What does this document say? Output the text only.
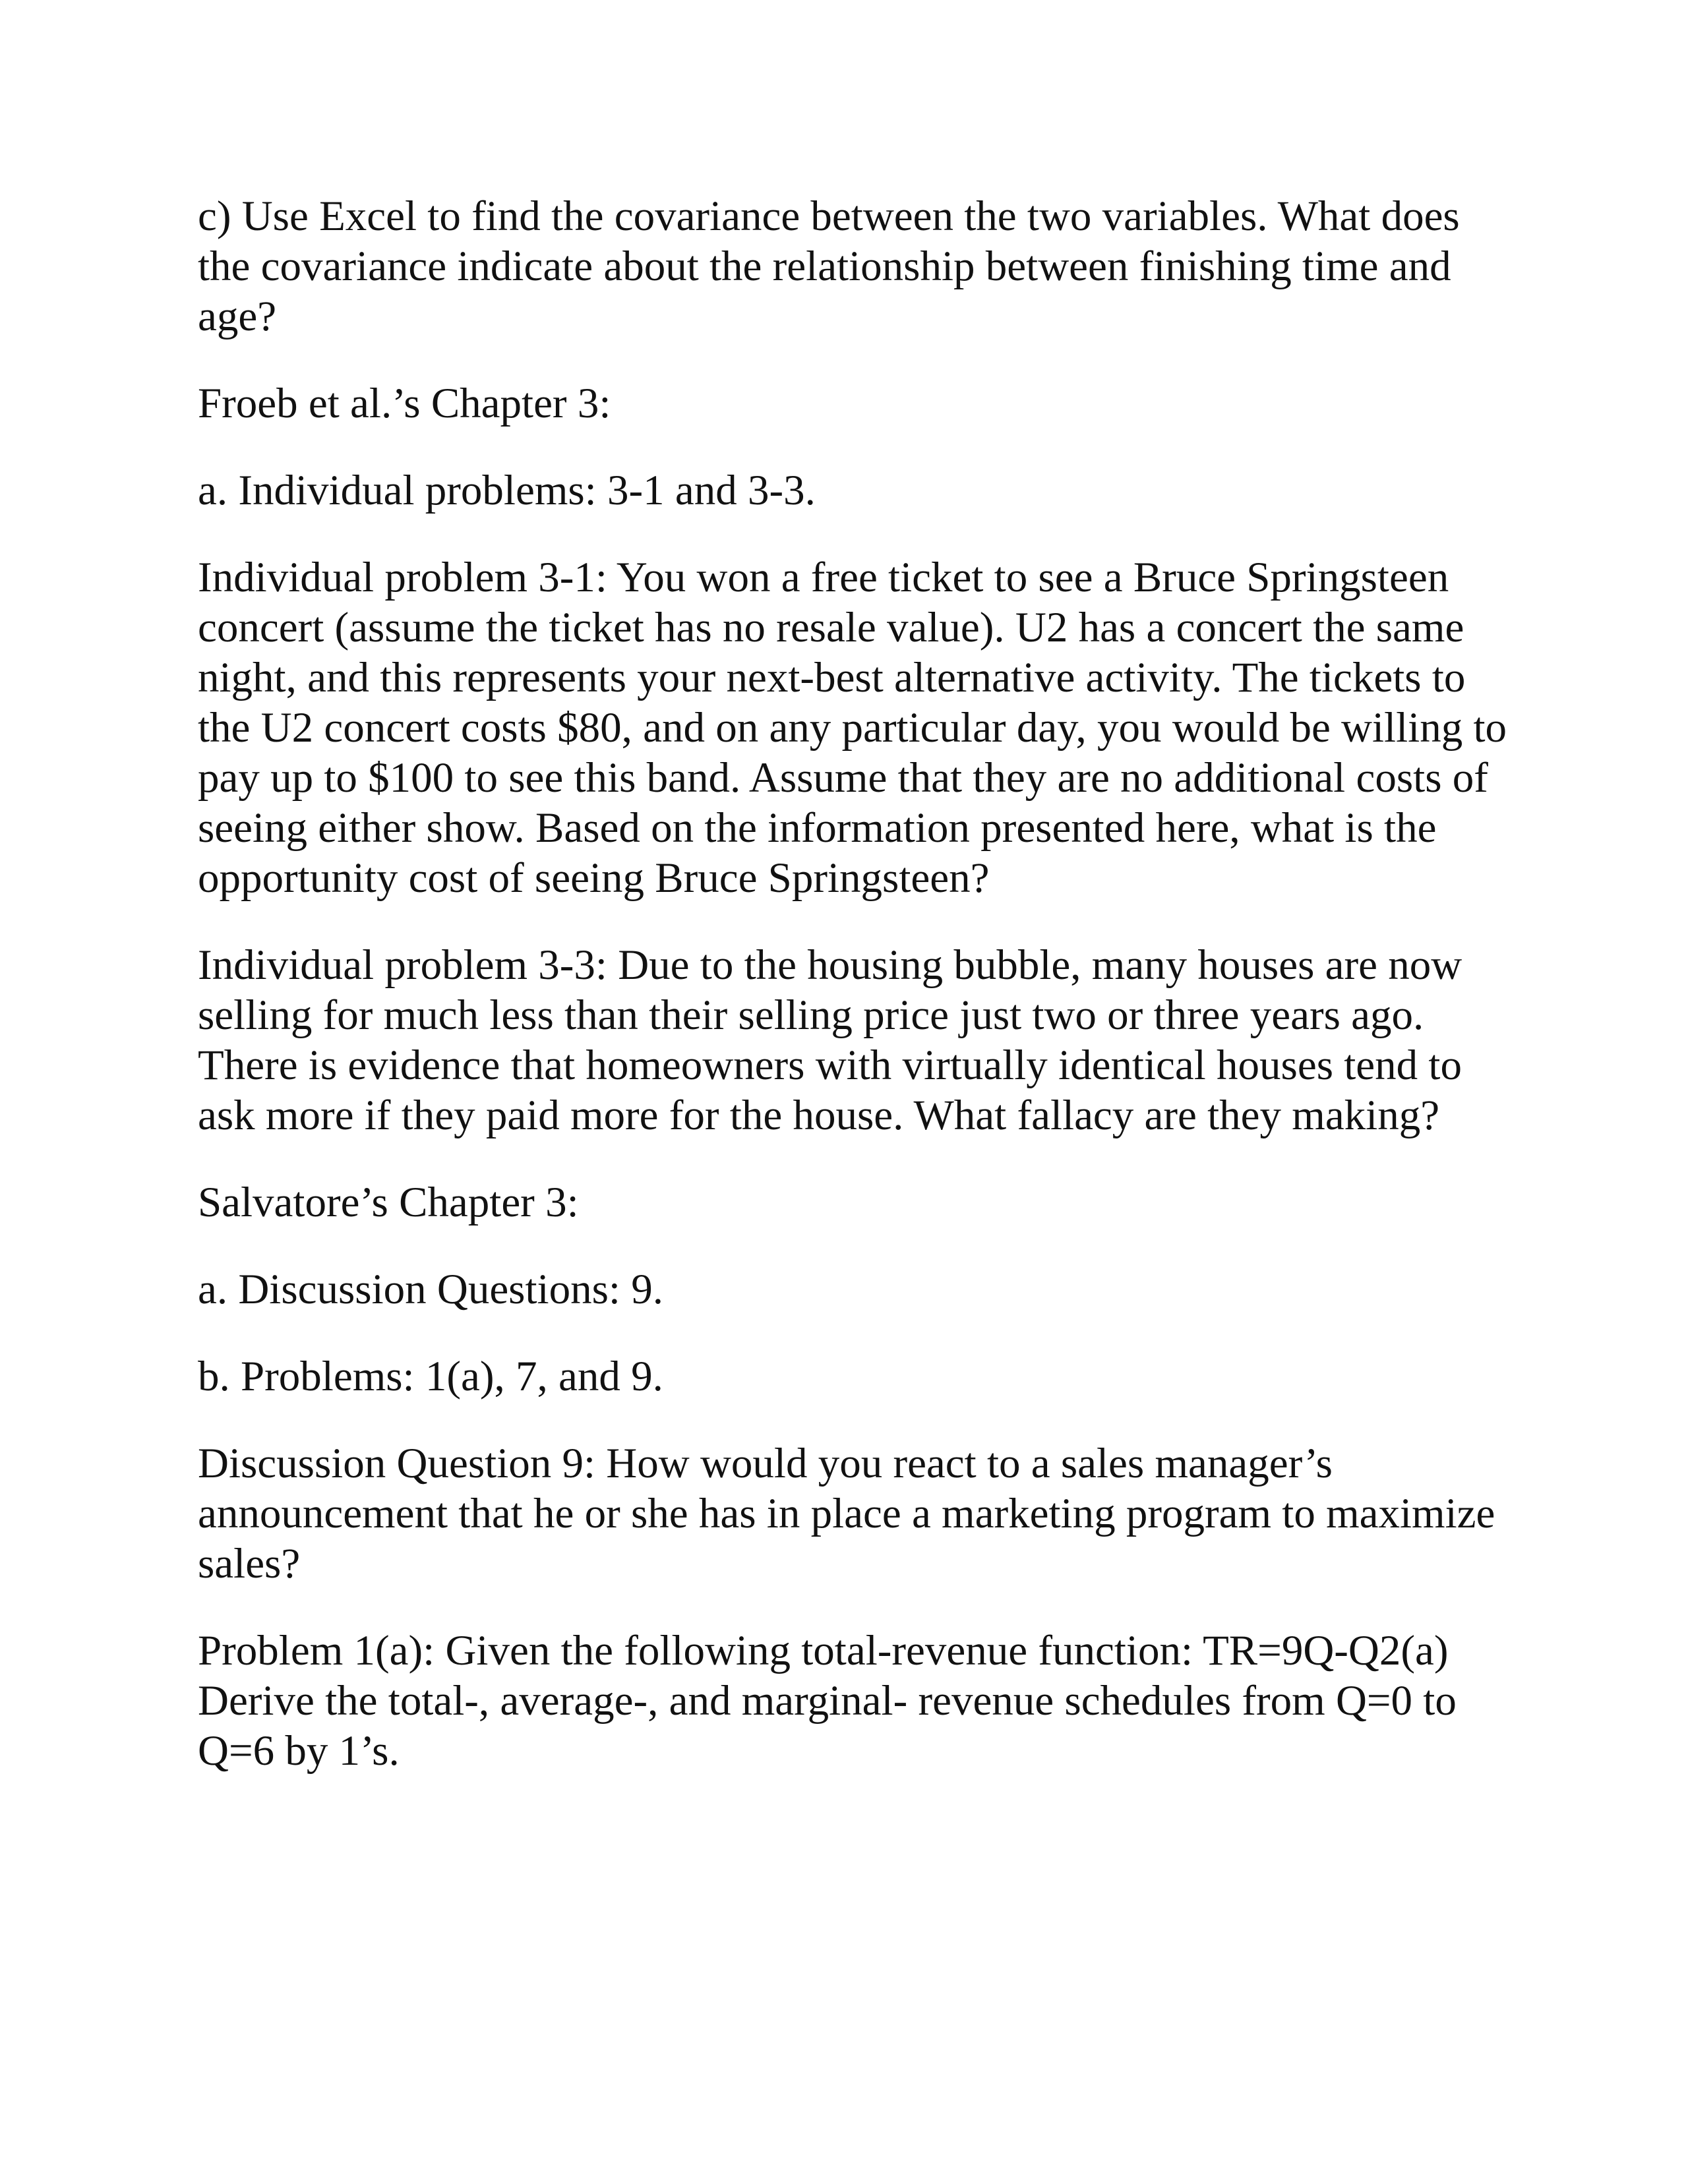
c) Use Excel to find the covariance between the two variables. What does the covariance indicate about the relationship between finishing time and age?

Froeb et al.’s Chapter 3:

a. Individual problems: 3-1 and 3-3.

Individual problem 3-1: You won a free ticket to see a Bruce Springsteen concert (assume the ticket has no resale value). U2 has a concert the same night, and this represents your next-best alternative activity. The tickets to the U2 concert costs $80, and on any particular day, you would be willing to pay up to $100 to see this band. Assume that they are no additional costs of seeing either show. Based on the information presented here, what is the opportunity cost of seeing Bruce Springsteen?

Individual problem 3-3: Due to the housing bubble, many houses are now selling for much less than their selling price just two or three years ago. There is evidence that homeowners with virtually identical houses tend to ask more if they paid more for the house. What fallacy are they making?

Salvatore’s Chapter 3:

a. Discussion Questions: 9.

b. Problems: 1(a), 7, and 9.

Discussion Question 9: How would you react to a sales manager’s announcement that he or she has in place a marketing program to maximize sales?

Problem 1(a): Given the following total-revenue function: TR=9Q-Q2(a) Derive the total-, average-, and marginal- revenue schedules from Q=0 to Q=6 by 1’s.
